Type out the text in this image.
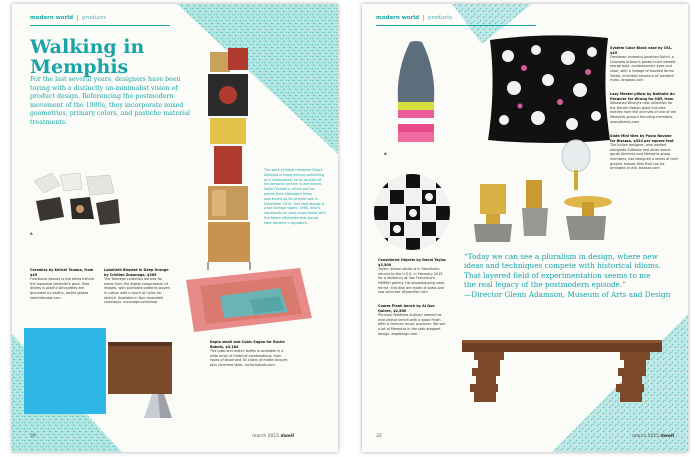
modern world products
Walking in
Memphis

For the last several years, designers have been toying with a distinctly un-minimalist vision of product design. Referencing the postmodern movement of the 1980s, they incorporate mixed geometries, primary colors, and pastiche material treatments.

A
The work of Italian designer Ettore Sottsass is experiencing something of a renaissance, so an auction of his personal archive is well timed. Sotto Christie's, which put his pieces from Sottsass's Milan apartment up for private sale in December 2014. One that stands is a tall storage tower, 1980, which represents an early experiment with the totem silhouette that would later become a signature.
Ceramics by Keiichi Tanaka, from $45
Functional beauty is the ethos behind the Japanese ceramist's work. Side dishes in playful silhouettes are grounded by earthy, tactile glazes. keiichitanaka.com
Lobeliath Blanket in Deep Orange by Cristian Zuzunaga, $265
The Tolerage collection derives its name from the digital compression of images, with pixelated patterns woven in cotton with a touch of nylon for stretch. Available in four reversible colorways. zuzunaga.com/shop
Kapla small and Cubic Sagan for Roche Bobois, $3,184
The tube-and-match buffet is available in a wide array of material combinations, from types of wood and 30 colors of matte lacquer, plus chromed steel. roche-bobois.com
30	march 2015 dwell
modern world products
A
System Color Block vase by CKL, $45
Freshman ceramics Jonathan Kutch, a Colorado artisan's pastel-hued vessels merge bold, contemporary eyes and color, with a lineage of stacked forms linked, inherited ceramics of 'pentera' rivals. dropbox.com
Lazy Master pillow by Nathalie du Pasquier for Wrong for HAY, from
Sebastian Wrong's new collection for the Danish design giant includes textiles from the archives of one of the Memphis group's founding members. wrongforhay.com
Slate Mini tiles by Paola Navone for Bisazza, $324 per square foot
The Italian designer, who worked alongside Sottsass and other avant-garde Alchimia and Memphis group members, has designed a series of mini graphic mosaic tiles that can be arranged at will. bisazza.com
Considered Objects by David Taylor, $3,500
Taylor, whose studio is in Stockholm, returns to the U.S.A. in February 2015 for a residency at San Francisco's HWEKH gallery. His showstopping vase, mirror, and dish are made of brass and raw concrete. dtaronfish.com
Comez Plank bench by Al Que Quiere, $2,800
Principal Matthew Sullivan named his wild walnut bench with a wood finish after a German music producer. We see a lot of Memphis in the stair-stepped design. aqqdesign.com

“Today we can see a pluralism in design, where new
ideas and techniques compete with historical idioms.
That layered field of experimentation seems to me
the real legacy of the postmodern episode.”
—Director Glenn Adamson, Museum of Arts and Design

32	march 2015 dwell
